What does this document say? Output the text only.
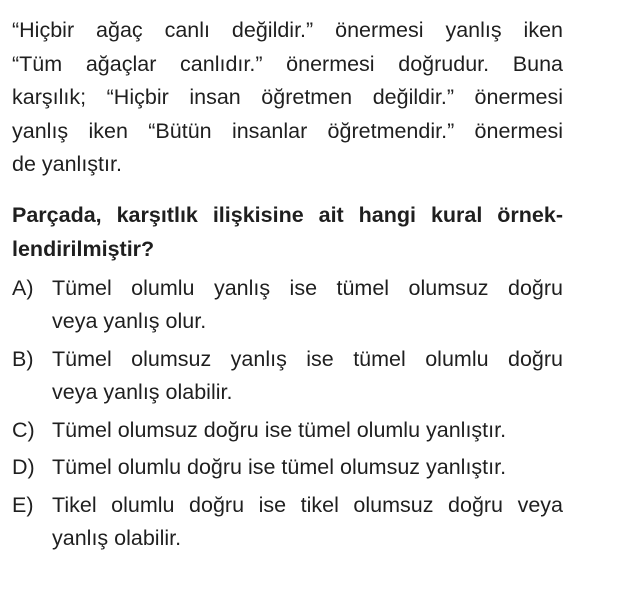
“Hiçbir ağaç canlı değildir.” önermesi yanlış iken
“Tüm ağaçlar canlıdır.” önermesi doğrudur. Buna
karşılık; “Hiçbir insan öğretmen değildir.” önermesi
yanlış iken “Bütün insanlar öğretmendir.” önermesi
de yanlıştır.
Parçada, karşıtlık ilişkisine ait hangi kural örnek-
lendirilmiştir?
A) Tümel olumlu yanlış ise tümel olumsuz doğru
veya yanlış olur.
B) Tümel olumsuz yanlış ise tümel olumlu doğru
veya yanlış olabilir.
C) Tümel olumsuz doğru ise tümel olumlu yanlıştır.
D) Tümel olumlu doğru ise tümel olumsuz yanlıştır.
E) Tikel olumlu doğru ise tikel olumsuz doğru veya
yanlış olabilir.
